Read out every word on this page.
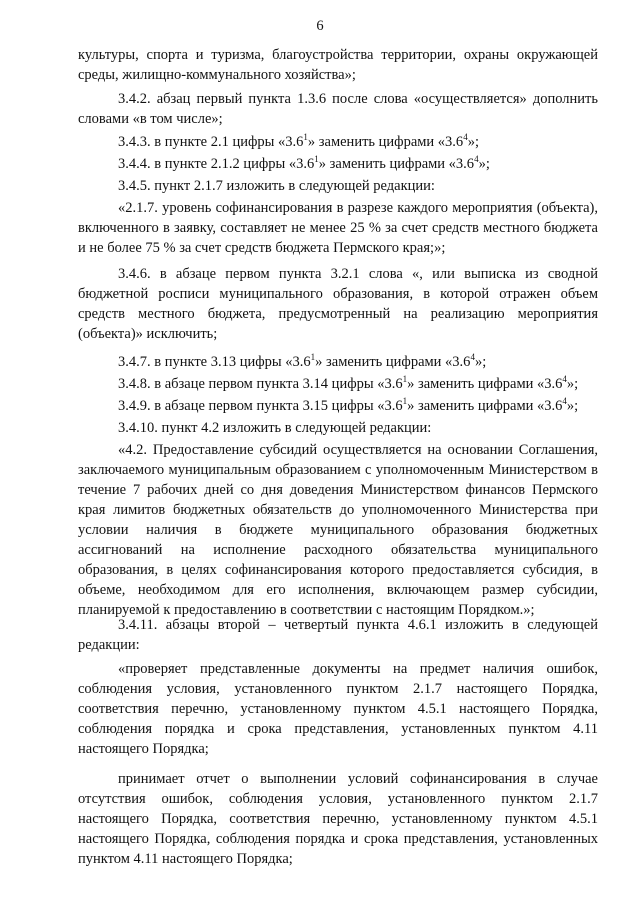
6

культуры, спорта и туризма, благоустройства территории, охраны окружающей среды, жилищно-коммунального хозяйства»;

3.4.2. абзац первый пункта 1.3.6 после слова «осуществляется» дополнить словами «в том числе»;

3.4.3. в пункте 2.1 цифры «$3.6^1$» заменить цифрами «$3.6^4$»;

3.4.4. в пункте 2.1.2 цифры «$3.6^1$» заменить цифрами «$3.6^4$»;

3.4.5. пункт 2.1.7 изложить в следующей редакции:

«2.1.7. уровень софинансирования в разрезе каждого мероприятия (объекта), включенного в заявку, составляет не менее 25 % за счет средств местного бюджета и не более 75 % за счет средств бюджета Пермского края;»;

3.4.6. в абзаце первом пункта 3.2.1 слова «, или выписка из сводной бюджетной росписи муниципального образования, в которой отражен объем средств местного бюджета, предусмотренный на реализацию мероприятия (объекта)» исключить;

3.4.7. в пункте 3.13 цифры «$3.6^1$» заменить цифрами «$3.6^4$»;

3.4.8. в абзаце первом пункта 3.14 цифры «$3.6^1$» заменить цифрами «$3.6^4$»;

3.4.9. в абзаце первом пункта 3.15 цифры «$3.6^1$» заменить цифрами «$3.6^4$»;

3.4.10. пункт 4.2 изложить в следующей редакции:

«4.2. Предоставление субсидий осуществляется на основании Соглашения, заключаемого муниципальным образованием с уполномоченным Министерством в течение 7 рабочих дней со дня доведения Министерством финансов Пермского края лимитов бюджетных обязательств до уполномоченного Министерства при условии наличия в бюджете муниципального образования бюджетных ассигнований на исполнение расходного обязательства муниципального образования, в целях софинансирования которого предоставляется субсидия, в объеме, необходимом для его исполнения, включающем размер субсидии, планируемой к предоставлению в соответствии с настоящим Порядком.»;

3.4.11. абзацы второй – четвертый пункта 4.6.1 изложить в следующей редакции:

«проверяет представленные документы на предмет наличия ошибок, соблюдения условия, установленного пунктом 2.1.7 настоящего Порядка, соответствия перечню, установленному пунктом 4.5.1 настоящего Порядка, соблюдения порядка и срока представления, установленных пунктом 4.11 настоящего Порядка;

принимает отчет о выполнении условий софинансирования в случае отсутствия ошибок, соблюдения условия, установленного пунктом 2.1.7 настоящего Порядка, соответствия перечню, установленному пунктом 4.5.1 настоящего Порядка, соблюдения порядка и срока представления, установленных пунктом 4.11 настоящего Порядка;
